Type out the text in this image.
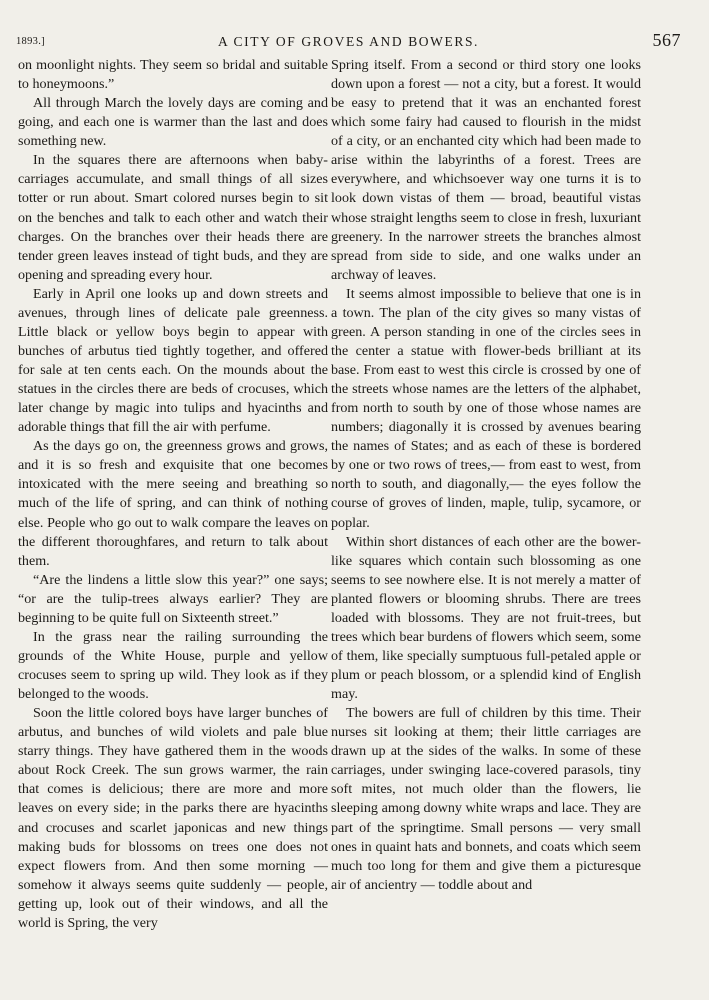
1893.]	A CITY OF GROVES AND BOWERS.	567

on moonlight nights. They seem so bridal and suitable to honeymoons.”

All through March the lovely days are coming and going, and each one is warmer than the last and does something new.

In the squares there are afternoons when baby-carriages accumulate, and small things of all sizes totter or run about. Smart colored nurses begin to sit on the benches and talk to each other and watch their charges. On the branches over their heads there are tender green leaves instead of tight buds, and they are opening and spreading every hour.

Early in April one looks up and down streets and avenues, through lines of delicate pale greenness. Little black or yellow boys begin to appear with bunches of arbutus tied tightly together, and offered for sale at ten cents each. On the mounds about the statues in the circles there are beds of crocuses, which later change by magic into tulips and hyacinths and adorable things that fill the air with perfume.

As the days go on, the greenness grows and grows, and it is so fresh and exquisite that one becomes intoxicated with the mere seeing and breathing so much of the life of spring, and can think of nothing else. People who go out to walk compare the leaves on the different thoroughfares, and return to talk about them.

“Are the lindens a little slow this year?” one says; “or are the tulip-trees always earlier? They are beginning to be quite full on Sixteenth street.”

In the grass near the railing surrounding the grounds of the White House, purple and yellow crocuses seem to spring up wild. They look as if they belonged to the woods.

Soon the little colored boys have larger bunches of arbutus, and bunches of wild violets and pale blue starry things. They have gathered them in the woods about Rock Creek. The sun grows warmer, the rain that comes is delicious; there are more and more leaves on every side; in the parks there are hyacinths and crocuses and scarlet japonicas and new things making buds for blossoms on trees one does not expect flowers from. And then some morning — somehow it always seems quite suddenly — people, getting up, look out of their windows, and all the world is Spring, the very

Spring itself. From a second or third story one looks down upon a forest — not a city, but a forest. It would be easy to pretend that it was an enchanted forest which some fairy had caused to flourish in the midst of a city, or an enchanted city which had been made to arise within the labyrinths of a forest. Trees are everywhere, and whichsoever way one turns it is to look down vistas of them — broad, beautiful vistas whose straight lengths seem to close in fresh, luxuriant greenery. In the narrower streets the branches almost spread from side to side, and one walks under an archway of leaves.

It seems almost impossible to believe that one is in a town. The plan of the city gives so many vistas of green. A person standing in one of the circles sees in the center a statue with flower-beds brilliant at its base. From east to west this circle is crossed by one of the streets whose names are the letters of the alphabet, from north to south by one of those whose names are numbers; diagonally it is crossed by avenues bearing the names of States; and as each of these is bordered by one or two rows of trees,— from east to west, from north to south, and diagonally,— the eyes follow the course of groves of linden, maple, tulip, sycamore, or poplar.

Within short distances of each other are the bower-like squares which contain such blossoming as one seems to see nowhere else. It is not merely a matter of planted flowers or blooming shrubs. There are trees loaded with blossoms. They are not fruit-trees, but trees which bear burdens of flowers which seem, some of them, like specially sumptuous full-petaled apple or plum or peach blossom, or a splendid kind of English may.

The bowers are full of children by this time. Their nurses sit looking at them; their little carriages are drawn up at the sides of the walks. In some of these carriages, under swinging lace-covered parasols, tiny soft mites, not much older than the flowers, lie sleeping among downy white wraps and lace. They are part of the springtime. Small persons — very small ones in quaint hats and bonnets, and coats which seem much too long for them and give them a picturesque air of ancientry — toddle about and
